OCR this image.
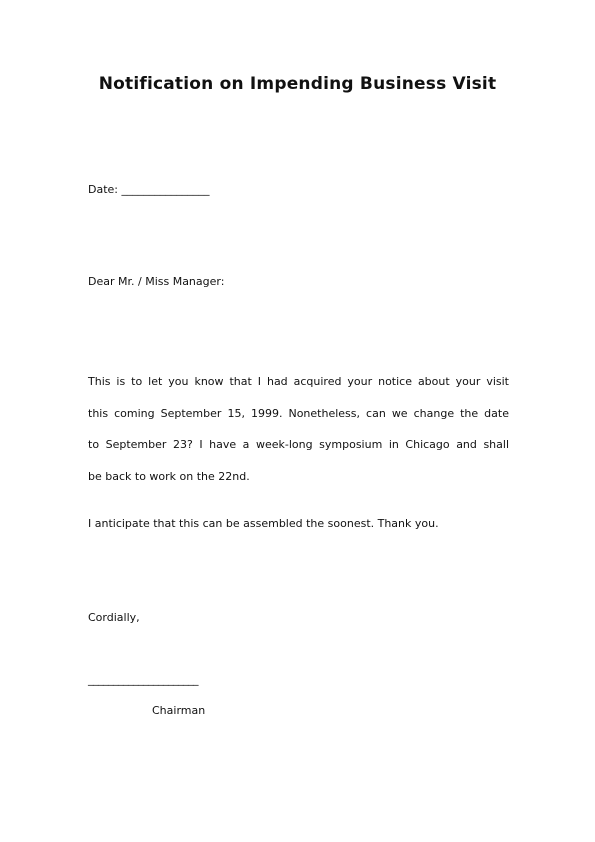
Notification on Impending Business Visit
Date: ________________
Dear Mr. / Miss Manager:

This is to let you know that I had acquired your notice about your visit
this coming September 15, 1999. Nonetheless, can we change the date
to September 23? I have a week-long symposium in Chicago and shall
be back to work on the 22nd.

I anticipate that this can be assembled the soonest. Thank you.
Cordially,
______________________
Chairman
